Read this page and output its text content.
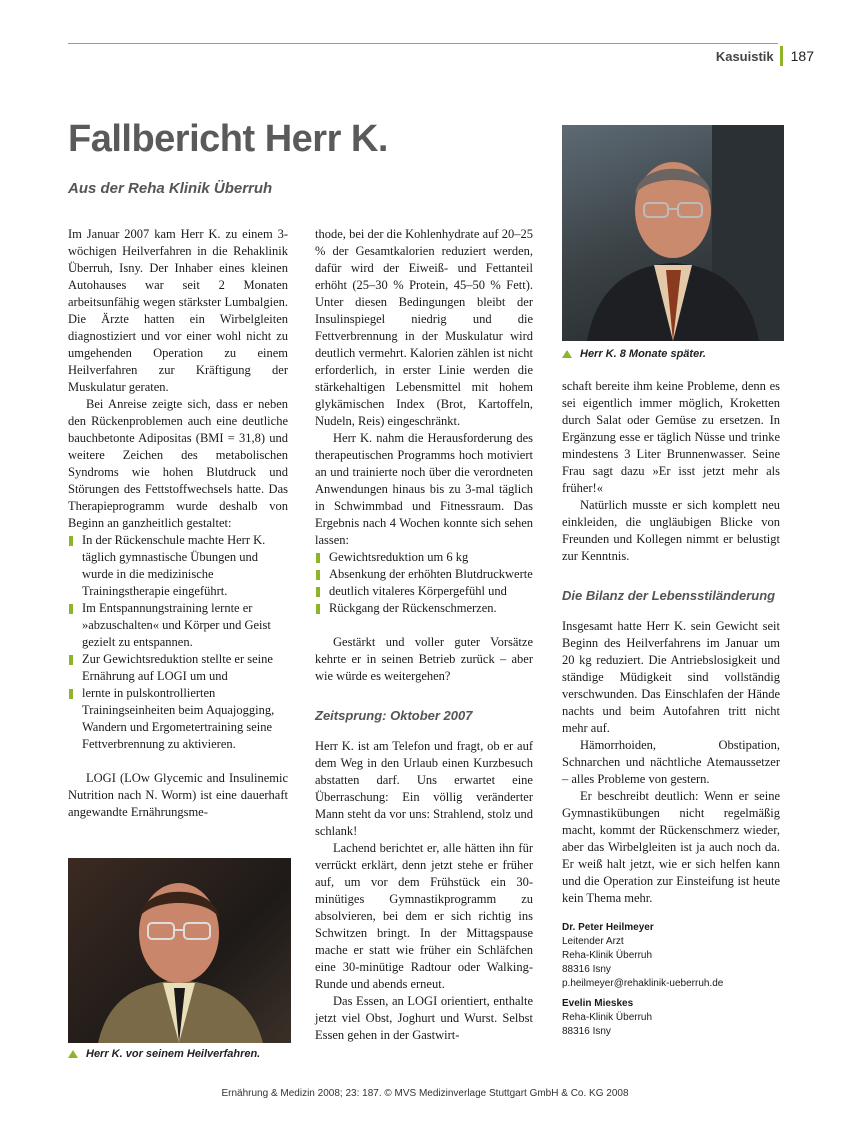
Kasuistik 187
Fallbericht Herr K.
Aus der Reha Klinik Überruh

Im Januar 2007 kam Herr K. zu einem 3-wöchigen Heilverfahren in die Rehaklinik Überruh, Isny. Der Inhaber eines kleinen Autohauses war seit 2 Monaten arbeitsunfähig wegen stärkster Lumbalgien. Die Ärzte hatten ein Wirbelgleiten diagnostiziert und vor einer wohl nicht zu umgehenden Operation zu einem Heilverfahren zur Kräftigung der Muskulatur geraten.

Bei Anreise zeigte sich, dass er neben den Rückenproblemen auch eine deutliche bauchbetonte Adipositas (BMI = 31,8) und weitere Zeichen des metabolischen Syndroms wie hohen Blutdruck und Störungen des Fettstoffwechsels hatte. Das Therapieprogramm wurde deshalb von Beginn an ganzheitlich gestaltet:

In der Rückenschule machte Herr K. täglich gymnastische Übungen und wurde in die medizinische Trainingstherapie eingeführt.
Im Entspannungstraining lernte er »abzuschalten« und Körper und Geist gezielt zu entspannen.
Zur Gewichtsreduktion stellte er seine Ernährung auf LOGI um und
lernte in pulskontrollierten Trainingseinheiten beim Aquajogging, Wandern und Ergometertraining seine Fettverbrennung zu aktivieren.

LOGI (LOw Glycemic and Insulinemic Nutrition nach N. Worm) ist eine dauerhaft angewandte Ernährungsme-

Herr K. vor seinem Heilverfahren.

thode, bei der die Kohlenhydrate auf 20–25 % der Gesamtkalorien reduziert werden, dafür wird der Eiweiß- und Fettanteil erhöht (25–30 % Protein, 45–50 % Fett). Unter diesen Bedingungen bleibt der Insulinspiegel niedrig und die Fettverbrennung in der Muskulatur wird deutlich vermehrt. Kalorien zählen ist nicht erforderlich, in erster Linie werden die stärkehaltigen Lebensmittel mit hohem glykämischen Index (Brot, Kartoffeln, Nudeln, Reis) eingeschränkt.

Herr K. nahm die Herausforderung des therapeutischen Programms hoch motiviert an und trainierte noch über die verordneten Anwendungen hinaus bis zu 3-mal täglich in Schwimmbad und Fitnessraum. Das Ergebnis nach 4 Wochen konnte sich sehen lassen:

Gewichtsreduktion um 6 kg
Absenkung der erhöhten Blutdruckwerte
deutlich vitaleres Körpergefühl und
Rückgang der Rückenschmerzen.

Gestärkt und voller guter Vorsätze kehrte er in seinen Betrieb zurück – aber wie würde es weitergehen?

Zeitsprung: Oktober 2007

Herr K. ist am Telefon und fragt, ob er auf dem Weg in den Urlaub einen Kurzbesuch abstatten darf. Uns erwartet eine Überraschung: Ein völlig veränderter Mann steht da vor uns: Strahlend, stolz und schlank!

Lachend berichtet er, alle hätten ihn für verrückt erklärt, denn jetzt stehe er früher auf, um vor dem Frühstück ein 30-minütiges Gymnastikprogramm zu absolvieren, bei dem er sich richtig ins Schwitzen bringt. In der Mittagspause mache er statt wie früher ein Schläfchen eine 30-minütige Radtour oder Walking-Runde und abends erneut.

Das Essen, an LOGI orientiert, enthalte jetzt viel Obst, Joghurt und Wurst. Selbst Essen gehen in der Gastwirt-

Herr K. 8 Monate später.

schaft bereite ihm keine Probleme, denn es sei eigentlich immer möglich, Kroketten durch Salat oder Gemüse zu ersetzen. In Ergänzung esse er täglich Nüsse und trinke mindestens 3 Liter Brunnenwasser. Seine Frau sagt dazu »Er isst jetzt mehr als früher!«

Natürlich musste er sich komplett neu einkleiden, die ungläubigen Blicke von Freunden und Kollegen nimmt er belustigt zur Kenntnis.

Die Bilanz der Lebensstiländerung

Insgesamt hatte Herr K. sein Gewicht seit Beginn des Heilverfahrens im Januar um 20 kg reduziert. Die Antriebslosigkeit und ständige Müdigkeit sind vollständig verschwunden. Das Einschlafen der Hände nachts und beim Autofahren tritt nicht mehr auf.

Hämorrhoiden, Obstipation, Schnarchen und nächtliche Atemaussetzer – alles Probleme von gestern.

Er beschreibt deutlich: Wenn er seine Gymnastikübungen nicht regelmäßig macht, kommt der Rückenschmerz wieder, aber das Wirbelgleiten ist ja auch noch da. Er weiß halt jetzt, wie er sich helfen kann und die Operation zur Einsteifung ist heute kein Thema mehr.

Dr. Peter Heilmeyer
Leitender Arzt
Reha-Klinik Überruh
88316 Isny
p.heilmeyer@rehaklinik-ueberruh.de
Evelin Mieskes
Reha-Klinik Überruh
88316 Isny
Ernährung & Medizin 2008; 23: 187. © MVS Medizinverlage Stuttgart GmbH & Co. KG 2008
